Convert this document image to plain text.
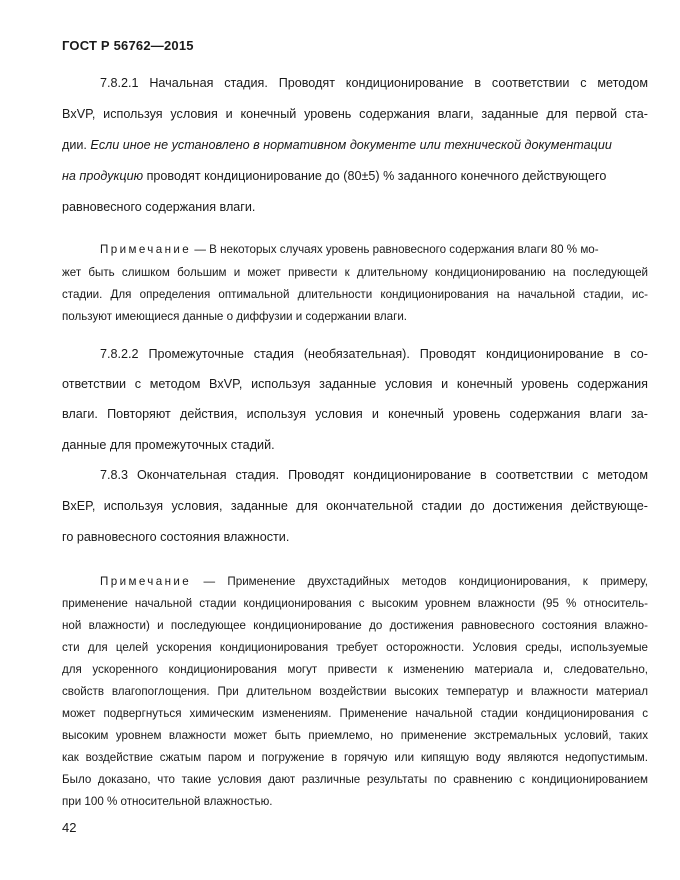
ГОСТ Р 56762—2015
7.8.2.1 Начальная стадия. Проводят кондиционирование в соответствии с методом
BxVP, используя условия и конечный уровень содержания влаги, заданные для первой ста-
дии. Если иное не установлено в нормативном документе или технической документации
на продукцию проводят кондиционирование до (80±5) % заданного конечного действующего
равновесного содержания влаги.
Примечание — В некоторых случаях уровень равновесного содержания влаги 80 % мо-
жет быть слишком большим и может привести к длительному кондиционированию на последующей
стадии. Для определения оптимальной длительности кондиционирования на начальной стадии, ис-
пользуют имеющиеся данные о диффузии и содержании влаги.
7.8.2.2 Промежуточные стадия (необязательная). Проводят кондиционирование в со-
ответствии с методом BxVP, используя заданные условия и конечный уровень содержания
влаги. Повторяют действия, используя условия и конечный уровень содержания влаги за-
данные для промежуточных стадий.
7.8.3 Окончательная стадия. Проводят кондиционирование в соответствии с методом
BxEP, используя условия, заданные для окончательной стадии до достижения действующе-
го равновесного состояния влажности.
Примечание — Применение двухстадийных методов кондиционирования, к примеру,
применение начальной стадии кондиционирования с высоким уровнем влажности (95 % относитель-
ной влажности) и последующее кондиционирование до достижения равновесного состояния влажно-
сти для целей ускорения кондиционирования требует осторожности. Условия среды, используемые
для ускоренного кондиционирования могут привести к изменению материала и, следовательно,
свойств влагопоглощения. При длительном воздействии высоких температур и влажности материал
может подвергнуться химическим изменениям. Применение начальной стадии кондиционирования с
высоким уровнем влажности может быть приемлемо, но применение экстремальных условий, таких
как воздействие сжатым паром и погружение в горячую или кипящую воду являются недопустимым.
Было доказано, что такие условия дают различные результаты по сравнению с кондиционированием
при 100 % относительной влажностью.
42
